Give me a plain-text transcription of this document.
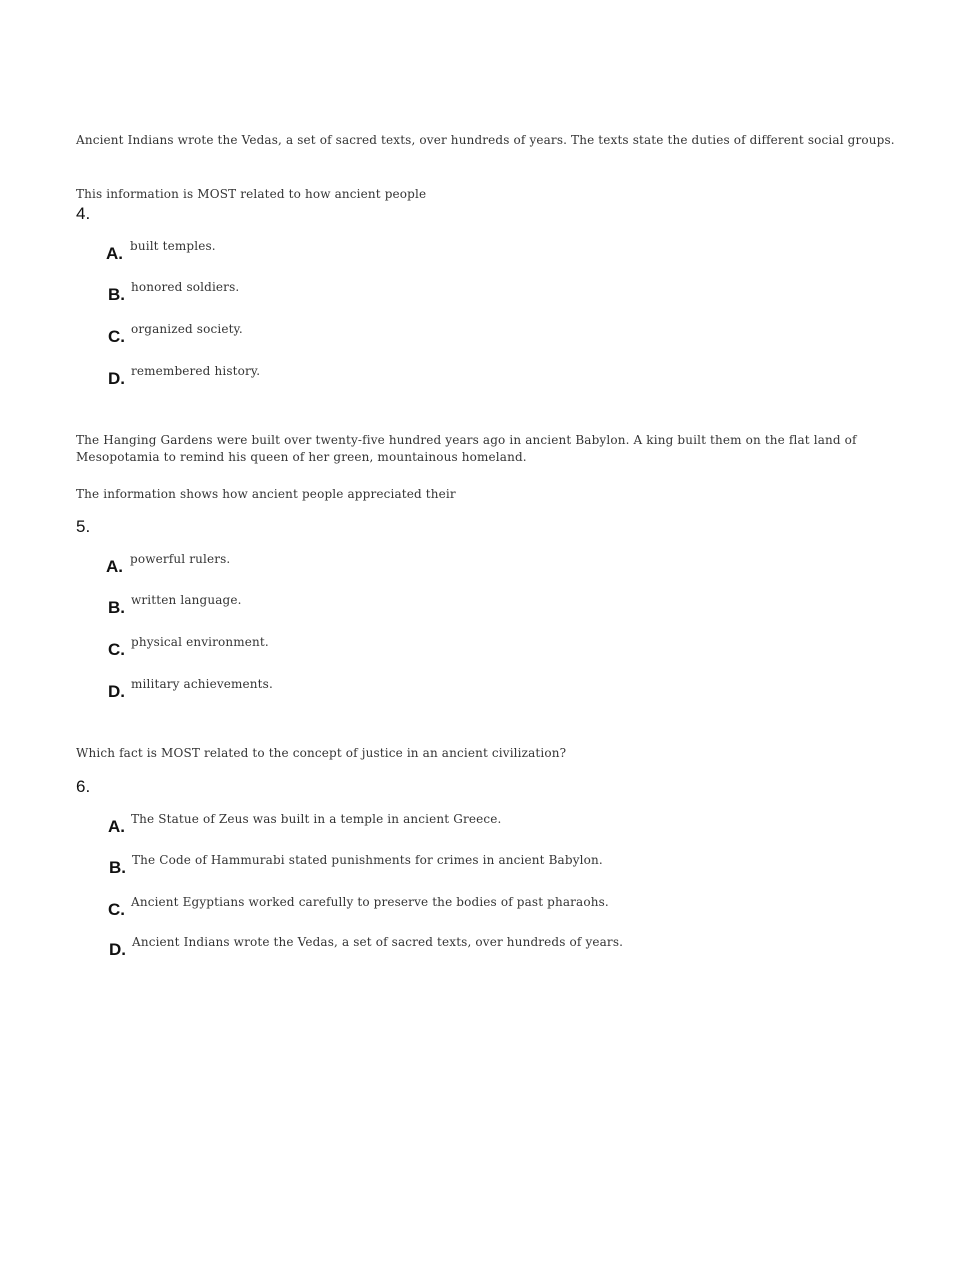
Ancient Indians wrote the Vedas, a set of sacred texts, over hundreds of years. The texts state the duties of different social groups.
This information is MOST related to how ancient people
4.
A. built temples.
B. honored soldiers.
C. organized society.
D. remembered history.
The Hanging Gardens were built over twenty-five hundred years ago in ancient Babylon. A king built them on the flat land of Mesopotamia to remind his queen of her green, mountainous homeland.
The information shows how ancient people appreciated their
5.
A. powerful rulers.
B. written language.
C. physical environment.
D. military achievements.
Which fact is MOST related to the concept of justice in an ancient civilization?
6.
A. The Statue of Zeus was built in a temple in ancient Greece.
B. The Code of Hammurabi stated punishments for crimes in ancient Babylon.
C. Ancient Egyptians worked carefully to preserve the bodies of past pharaohs.
D. Ancient Indians wrote the Vedas, a set of sacred texts, over hundreds of years.
